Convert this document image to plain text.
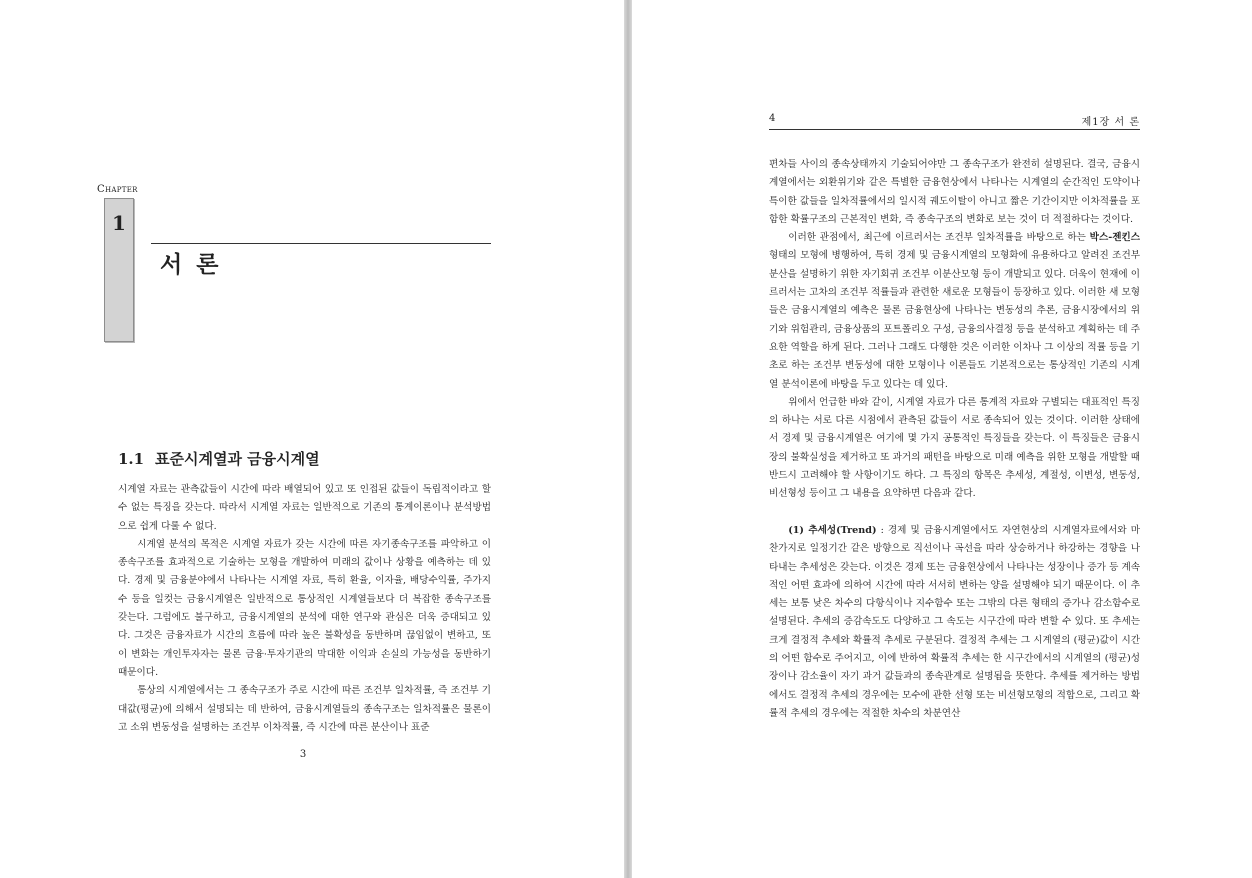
Chapter
1
서 론
1.1 표준시계열과 금융시계열

시계열 자료는 관측값들이 시간에 따라 배열되어 있고 또 인접된 값들이 독립적이라고 할 수 없는 특징을 갖는다. 따라서 시계열 자료는 일반적으로 기존의 통계이론이나 분석방법으로 쉽게 다룰 수 없다.

시계열 분석의 목적은 시계열 자료가 갖는 시간에 따른 자기종속구조를 파악하고 이 종속구조를 효과적으로 기술하는 모형을 개발하여 미래의 값이나 상황을 예측하는 데 있다. 경제 및 금융분야에서 나타나는 시계열 자료, 특히 환율, 이자율, 배당수익률, 주가지수 등을 일컷는 금융시계열은 일반적으로 통상적인 시계열들보다 더 복잡한 종속구조를 갖는다. 그럼에도 불구하고, 금융시계열의 분석에 대한 연구와 관심은 더욱 증대되고 있다. 그것은 금융자료가 시간의 흐름에 따라 높은 불확성을 동반하며 끊임없이 변하고, 또 이 변화는 개인투자자는 물론 금융·투자기관의 막대한 이익과 손실의 가능성을 동반하기 때문이다.

통상의 시계열에서는 그 종속구조가 주로 시간에 따른 조건부 일차적률, 즉 조건부 기대값(평균)에 의해서 설명되는 데 반하여, 금융시계열들의 종속구조는 일차적률은 물론이고 소위 변동성을 설명하는 조건부 이차적률, 즉 시간에 따른 분산이나 표준

3
4	제1장 서 론

편차들 사이의 종속상태까지 기술되어야만 그 종속구조가 완전히 설명된다. 결국, 금융시계열에서는 외환위기와 같은 특별한 금융현상에서 나타나는 시계열의 순간적인 도약이나 특이한 값들을 일차적률에서의 일시적 궤도이탈이 아니고 짧은 기간이지만 이차적률을 포함한 확률구조의 근본적인 변화, 즉 종속구조의 변화로 보는 것이 더 적절하다는 것이다.

이러한 관점에서, 최근에 이르러서는 조건부 일차적률을 바탕으로 하는 박스-젠킨스 형태의 모형에 병행하여, 특히 경제 및 금융시계열의 모형화에 유용하다고 알려진 조건부 분산을 설명하기 위한 자기회귀 조건부 이분산모형 등이 개발되고 있다. 더욱이 현재에 이르러서는 고차의 조건부 적률들과 관련한 새로운 모형들이 등장하고 있다. 이러한 새 모형들은 금융시계열의 예측은 물론 금융현상에 나타나는 변동성의 추론, 금융시장에서의 위기와 위험관리, 금융상품의 포트폴리오 구성, 금융의사결정 등을 분석하고 계획하는 데 주요한 역할을 하게 된다. 그러나 그래도 다행한 것은 이러한 이차나 그 이상의 적률 등을 기초로 하는 조건부 변동성에 대한 모형이나 이론들도 기본적으로는 통상적인 기존의 시계열 분석이론에 바탕을 두고 있다는 데 있다.

위에서 언급한 바와 같이, 시계열 자료가 다른 통계적 자료와 구별되는 대표적인 특징의 하나는 서로 다른 시점에서 관측된 값들이 서로 종속되어 있는 것이다. 이러한 상태에서 경제 및 금융시계열은 여기에 몇 가지 공통적인 특징들을 갖는다. 이 특징들은 금융시장의 불확실성을 제거하고 또 과거의 패턴을 바탕으로 미래 예측을 위한 모형을 개발할 때 반드시 고려해야 할 사항이기도 하다. 그 특징의 항목은 추세성, 계절성, 이변성, 변동성, 비선형성 등이고 그 내용을 요약하면 다음과 같다.

(1) 추세성(Trend) : 경제 및 금융시계열에서도 자연현상의 시계열자료에서와 마찬가지로 일정기간 같은 방향으로 직선이나 곡선을 따라 상승하거나 하강하는 경향을 나타내는 추세성은 갖는다. 이것은 경제 또는 금융현상에서 나타나는 성장이나 증가 등 계속적인 어떤 효과에 의하여 시간에 따라 서서히 변하는 양을 설명해야 되기 때문이다. 이 추세는 보통 낮은 차수의 다항식이나 지수함수 또는 그밖의 다른 형태의 증가나 감소함수로 설명된다. 추세의 증감속도도 다양하고 그 속도는 시구간에 따라 변할 수 있다. 또 추세는 크게 결정적 추세와 확률적 추세로 구분된다. 결정적 추세는 그 시계열의 (평균)값이 시간의 어떤 함수로 주어지고, 이에 반하여 확률적 추세는 한 시구간에서의 시계열의 (평균)성장이나 감소율이 자기 과거 값들과의 종속관계로 설명됨을 뜻한다. 추세를 제거하는 방법에서도 결정적 추세의 경우에는 모수에 관한 선형 또는 비선형모형의 적합으로, 그리고 확률적 추세의 경우에는 적절한 차수의 차분연산
